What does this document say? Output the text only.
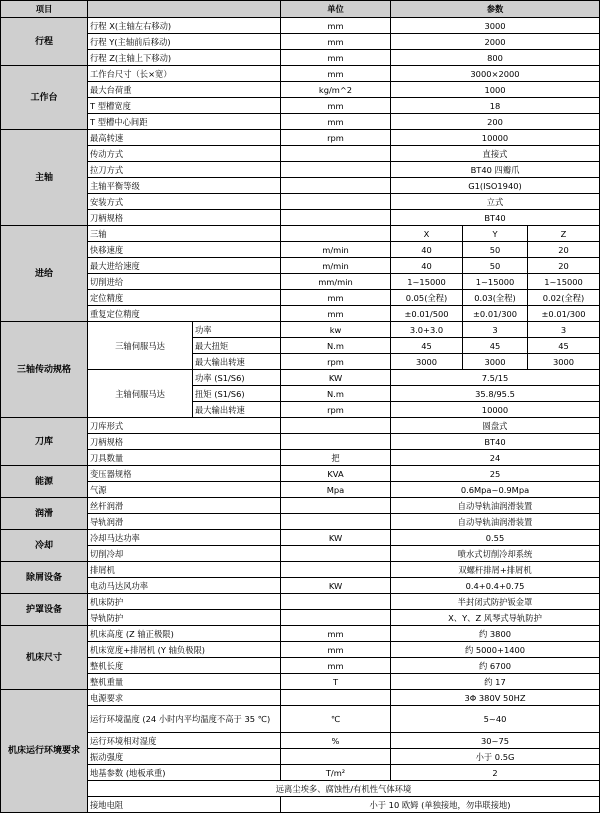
项目			单位	参数		
行程	行程 X(主轴左右移动)		mm	3000		
	行程 Y(主轴前后移动)		mm	2000		
	行程 Z(主轴上下移动)		mm	800		
工作台	工作台尺寸（长×宽）		mm	3000×2000		
	最大台荷重		kg/m^2	1000		
	T 型槽宽度		mm	18		
	T 型槽中心间距		mm	200		
主轴	最高转速		rpm	10000		
	传动方式			直接式		
	拉刀方式			BT40 四瓣爪		
	主轴平衡等级			G1(ISO1940)		
	安装方式			立式		
	刀柄规格			BT40		
进给	三轴			X	Y	Z
	快移速度		m/min	40	50	20
	最大进给速度		m/min	40	50	20
	切削进给		mm/min	1~15000	1~15000	1~15000
	定位精度		mm	0.05(全程)	0.03(全程)	0.02(全程)
	重复定位精度		mm	±0.01/500	±0.01/300	±0.01/300
三轴传动规格	三轴伺服马达	功率	kw	3.0+3.0	3	3
		最大扭矩	N.m	45	45	45
		最大输出转速	rpm	3000	3000	3000
	主轴伺服马达	功率 (S1/S6)	KW	7.5/15		
		扭矩 (S1/S6)	N.m	35.8/95.5		
		最大输出转速	rpm	10000		
刀库	刀库形式			圆盘式		
	刀柄规格			BT40		
	刀具数量		把	24		
能源	变压器规格		KVA	25		
	气源		Mpa	0.6Mpa~0.9Mpa		
润滑	丝杆润滑			自动导轨油润滑装置		
	导轨润滑			自动导轨油润滑装置		
冷却	冷却马达功率		KW	0.55		
	切削冷却			喷水式切削冷却系统		
除屑设备	排屑机			双螺杆排屑+排屑机		
	电动马达风功率		KW	0.4+0.4+0.75		
护罩设备	机床防护			半封闭式防护钣金罩		
	导轨防护			X、Y、Z 风琴式导轨防护		
机床尺寸	机床高度 (Z 轴正极限)		mm	约 3800		
	机床宽度+排屑机 (Y 轴负极限)		mm	约 5000+1400		
	整机长度		mm	约 6700		
	整机重量		T	约 17		
机床运行环境要求	电源要求			3Φ 380V 50HZ		
	运行环境温度 (24 小时内平均温度不高于 35 ℃)		℃	5~40		
	运行环境相对湿度		%	30~75		
	振动强度			小于 0.5G		
	地基参数 (地板承重)		T/m²	2		
	远离尘埃多、腐蚀性/有机性气体环境					
	接地电阻		小于 10 欧姆 (单独接地，勿串联接地)			
